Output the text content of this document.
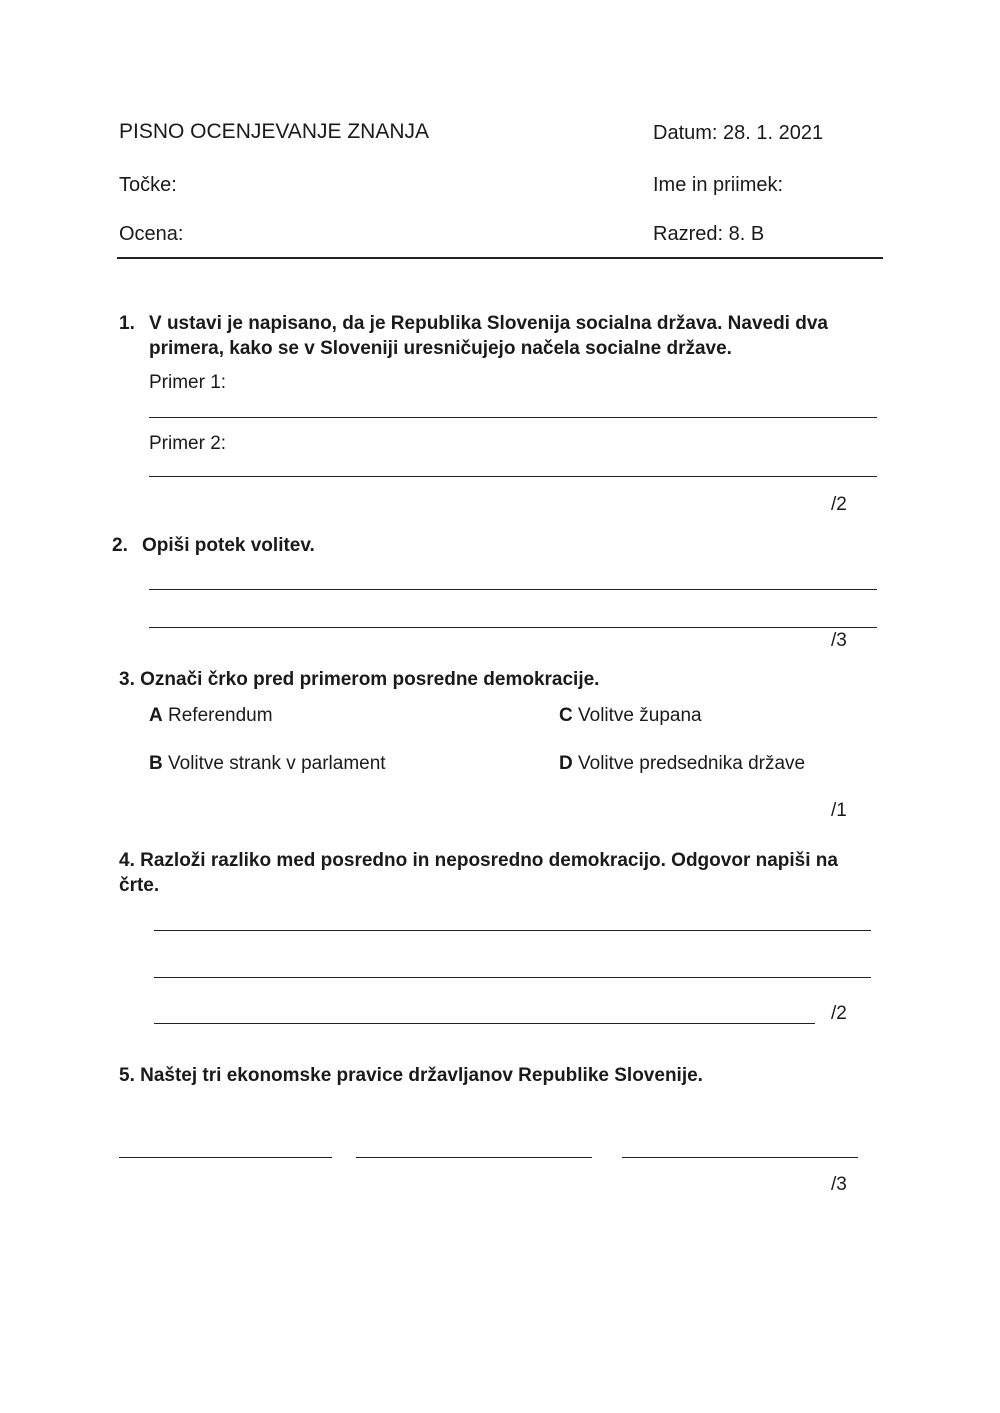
PISNO OCENJEVANJE ZNANJA	Datum: 28. 1. 2021
Točke:	Ime in priimek:
Ocena:	Razred: 8. B
1. V ustavi je napisano, da je Republika Slovenija socialna država. Navedi dva primera, kako se v Sloveniji uresničujejo načela socialne države.
Primer 1:
Primer 2:
/2
2. Opiši potek volitev.
/3
3. Označi črko pred primerom posredne demokracije.
A Referendum
B Volitve strank v parlament
C Volitve župana
D Volitve predsednika države
/1
4. Razloži razliko med posredno in neposredno demokracijo. Odgovor napiši na črte.
/2
5. Naštej tri ekonomske pravice državljanov Republike Slovenije.
/3
